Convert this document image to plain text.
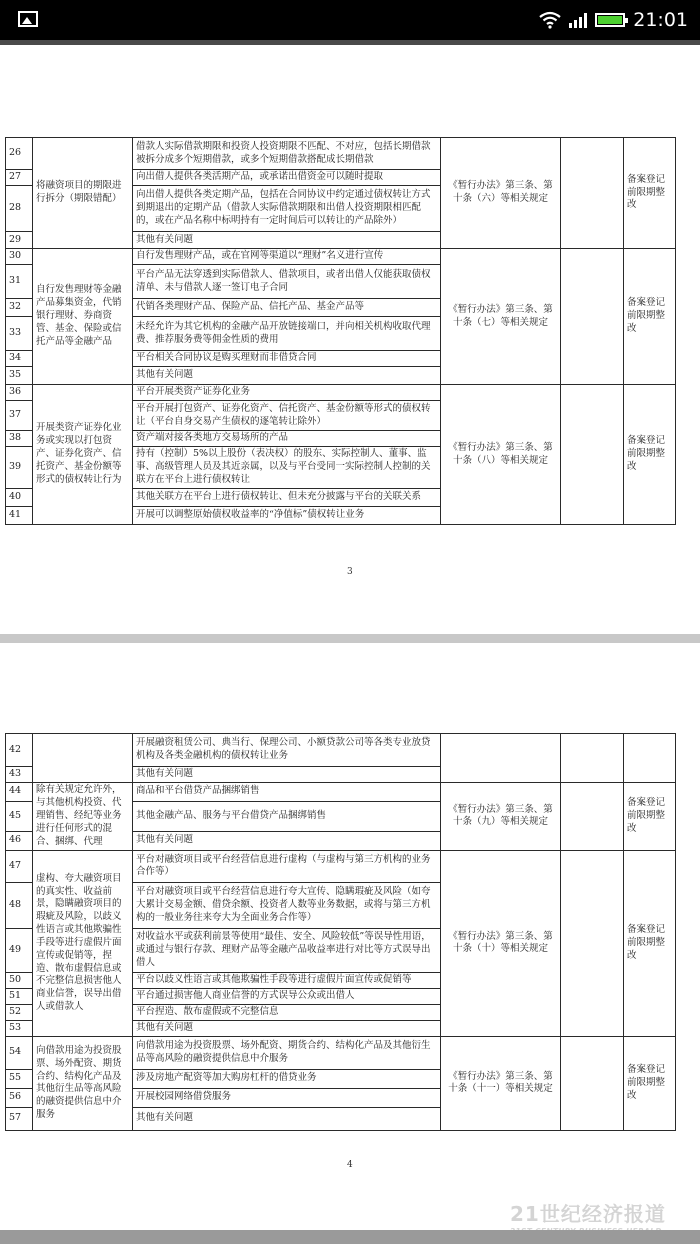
21:01
26	将融资项目的期限进行拆分（期限错配）	借款人实际借款期限和投资人投资期限不匹配、不对应，包括长期借款被拆分成多个短期借款，或多个短期借款搭配成长期借款	《暂行办法》第三条、第十条（六）等相关规定		备案登记前限期整改
27		向出借人提供各类活期产品，或承诺出借资金可以随时提取			
28		向出借人提供各类定期产品，包括在合同协议中约定通过债权转让方式到期退出的定期产品（借款人实际借款期限和出借人投资期限相匹配的，或在产品名称中标明持有一定时间后可以转让的产品除外）			
29		其他有关问题			
30	自行发售理财等金融产品募集资金，代销银行理财、券商资管、基金、保险或信托产品等金融产品	自行发售理财产品，或在官网等渠道以“理财”名义进行宣传	《暂行办法》第三条、第十条（七）等相关规定		备案登记前限期整改
31		平台产品无法穿透到实际借款人、借款项目，或者出借人仅能获取债权清单、未与借款人逐一签订电子合同			
32		代销各类理财产品、保险产品、信托产品、基金产品等			
33		未经允许为其它机构的金融产品开放链接端口，并向相关机构收取代理费、推荐服务费等佣金性质的费用			
34		平台相关合同协议是购买理财而非借贷合同			
35		其他有关问题			
36	开展类资产证券化业务或实现以打包资产、证券化资产、信托资产、基金份额等形式的债权转让行为	平台开展类资产证券化业务	《暂行办法》第三条、第十条（八）等相关规定		备案登记前限期整改
37		平台开展打包资产、证券化资产、信托资产、基金份额等形式的债权转让（平台自身交易产生债权的逐笔转让除外）			
38		资产端对接各类地方交易场所的产品			
39		持有（控制）5%以上股份（表决权）的股东、实际控制人、董事、监事、高级管理人员及其近亲属，以及与平台受同一实际控制人控制的关联方在平台上进行债权转让			
40		其他关联方在平台上进行债权转让、但未充分披露与平台的关联关系			
41		开展可以调整原始债权收益率的“净值标”债权转让业务			
3
42		开展融资租赁公司、典当行、保理公司、小额贷款公司等各类专业放贷机构及各类金融机构的债权转让业务			
43		其他有关问题			
44	除有关规定允许外，与其他机构投资、代理销售、经纪等业务进行任何形式的混合、捆绑、代理	商品和平台借贷产品捆绑销售	《暂行办法》第三条、第十条（九）等相关规定		备案登记前限期整改
45		其他金融产品、服务与平台借贷产品捆绑销售			
46		其他有关问题			
47	虚构、夸大融资项目的真实性、收益前景，隐瞒融资项目的瑕疵及风险，以歧义性语言或其他欺骗性手段等进行虚假片面宣传或促销等，捏造、散布虚假信息或不完整信息损害他人商业信誉，误导出借人或借款人	平台对融资项目或平台经营信息进行虚构（与虚构与第三方机构的业务合作等）	《暂行办法》第三条、第十条（十）等相关规定		备案登记前限期整改
48		平台对融资项目或平台经营信息进行夸大宣传、隐瞒瑕疵及风险（如夸大累计交易金额、借贷余额、投资者人数等业务数据，或将与第三方机构的一般业务往来夸大为全面业务合作等）			
49		对收益水平或获利前景等使用“最佳、安全、风险较低”等误导性用语，或通过与银行存款、理财产品等金融产品收益率进行对比等方式误导出借人			
50		平台以歧义性语言或其他欺骗性手段等进行虚假片面宣传或促销等			
51		平台通过损害他人商业信誉的方式误导公众或出借人			
52		平台捏造、散布虚假或不完整信息			
53		其他有关问题			
54	向借款用途为投资股票、场外配资、期货合约、结构化产品及其他衍生品等高风险的融资提供信息中介服务	向借款用途为投资股票、场外配资、期货合约、结构化产品及其他衍生品等高风险的融资提供信息中介服务	《暂行办法》第三条、第十条（十一）等相关规定		备案登记前限期整改
55		涉及房地产配资等加大购房杠杆的借贷业务			
56		开展校园网络借贷服务			
57		其他有关问题			
4
21世纪经济报道
